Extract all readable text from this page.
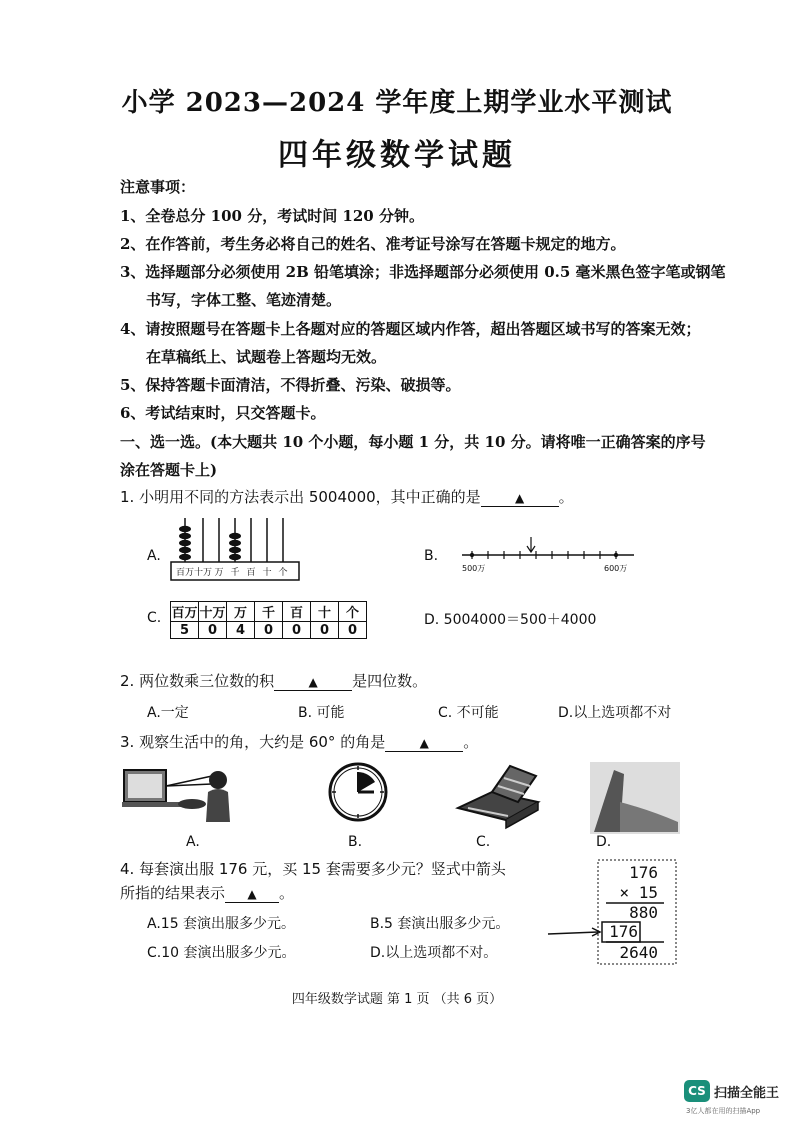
小学 2023—2024 学年度上期学业水平测试
四年级数学试题
注意事项：
1、全卷总分 100 分，考试时间 120 分钟。
2、在作答前，考生务必将自己的姓名、准考证号涂写在答题卡规定的地方。
3、选择题部分必须使用 2B 铅笔填涂；非选择题部分必须使用 0.5 毫米黑色签字笔或钢笔
书写，字体工整、笔迹清楚。
4、请按照题号在答题卡上各题对应的答题区域内作答，超出答题区域书写的答案无效；
在草稿纸上、试题卷上答题均无效。
5、保持答题卡面清洁，不得折叠、污染、破损等。
6、考试结束时，只交答题卡。
一、选一选。(本大题共 10 个小题，每小题 1 分，共 10 分。请将唯一正确答案的序号
涂在答题卡上)
1. 小明用不同的方法表示出 5004000，其中正确的是	▲ 。
A.
百万 十万 万 千 百 十 个
B.
500万	600万
C. 百万	十万	万	千	百	十	个
5	0	4	0	0	0	0
D. 5004000＝500＋4000
2. 两位数乘三位数的积	▲ 是四位数。
A.一定	B. 可能	C. 不可能	D.以上选项都不对
3. 观察生活中的角，大约是 60° 的角是	▲ 。
A.	B.	C.	D.
4. 每套演出服 176 元，买 15 套需要多少元？竖式中箭头
所指的结果表示 ▲ 。
A.15 套演出服多少元。	B.5 套演出服多少元。
C.10 套演出服多少元。	D.以上选项都不对。
176
× 15
880
176
2640
四年级数学试题 第 1 页 （共 6 页）
CS 扫描全能王
3亿人都在用的扫描App
